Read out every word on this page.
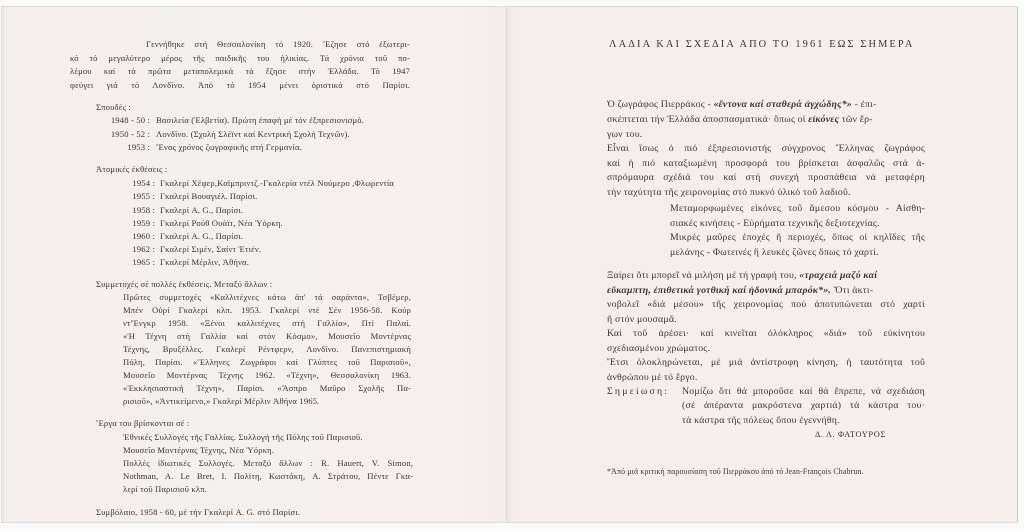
Γεννήθηκε στή Θεσσαλονίκη τό 1920. Ἔζησε στό ἐξωτερι-
κό τό μεγαλύτερο μέρος τῆς παιδικῆς του ἡλικίας. Τά χρόνια τοῦ πο-
λέμου καί τά πρῶτα μεταπολεμικά τά ἔζησε στήν Ἑλλάδα. Τό 1947
φεύγει γιά τό Λονδῖνο. Ἀπό τό 1954 μένει ὁριστικά στό Παρίσι.
Σπουδές :
1948 - 50 : Βασιλεία (Ἑλβετία). Πρώτη ἐπαφή μέ τόν ἐξπρεσιονισμό.
1950 - 52 : Λονδῖνο. (Σχολή Σλέϊντ καί Κεντρική Σχολή Τεχνῶν).
1953 : Ἕνας χρόνος ζωγραφικῆς στή Γερμανία.
Ἀτομικές ἐκθέσεις :
1954 : Γκαλερί Χέφερ,Καϊμπριντζ.-Γκαλερία ντέλ Νούμερο ,Φλωρεντία
1955 : Γκαλερί Βουαγιέλ. Παρίσι.
1958 : Γκαλερί A. G., Παρίσι.
1959 : Γκαλερί Ρούθ Ουάϊτ, Νέα Ὑόρκη.
1960 : Γκαλερί A. G., Παρίσι.
1962 : Γκαλερί Σιμέν, Σαίντ Ἐτιέν.
1965 : Γκαλερί Μέρλιν, Ἀθήνα.
Συμμετοχές σέ πολλές ἐκθέσεις. Μεταξύ ἄλλων :
Πρῶτες συμμετοχές «Καλλιτέχνες κάτω ἀπ' τά σαράντα», Τσβέμερ,
Μπέν Οὐρί Γκαλερί κλπ. 1953. Γκαλερί ντέ Σέν 1956-58. Κούρ
ντ'Ἐνγκρ 1958. «Ξένοι καλλιτέχνες στή Γαλλία», Πτί Παλαί.
«Ἡ Τέχνη στή Γαλλία καί στόν Κόσμο», Μουσεῖο Μοντέρνας
Τέχνης, Βρυξέλλες. Γκαλερί Ρέντφερν, Λονδῖνο. Πανεπιστημιακή
Πόλη, Παρίσι. «Ἕλληνες Ζωγράφοι καί Γλύπτες τοῦ Παρισιοῦ»,
Μουσεῖο Μοντέρνας Τέχνης 1962. «Τέχνη», Θεσσαλονίκη 1963.
«Ἐκκλησιαστική Τέχνη», Παρίσι. «Ἄσπρο Μαῦρο Σχολῆς Πα-
ρισιοῦ», «Ἀντικείμενο,» Γκαλερί Μέρλιν Ἀθήνα 1965.
Ἔργα του βρίσκονται σέ :
Ἐθνικές Συλλογές τῆς Γαλλίας. Συλλογή τῆς Πόλης τοῦ Παρισιοῦ.
Μουσεῖο Μοντέρνας Τέχνης, Νέα Ὑόρκη.
Πολλές ἰδιωτικές Συλλογές. Μεταξύ ἄλλων : R. Hauert, V. Simon,
Nothman, A. Le Bret, I. Πολίτη, Κωστάκη, A. Στράτου, Πέντε Γκα-
λερί τοῦ Παρισιοῦ κλπ.
Συμβόλαιο, 1958 - 60, μέ τήν Γκαλερί A. G. στό Παρίσι.
ΛΑΔΙΑ ΚΑΙ ΣΧΕΔΙΑ ΑΠΟ ΤΟ 1961 ΕΩΣ ΣΗΜΕΡΑ
Ὁ ζωγράφος Πιερράκος - «ἔντονα καί σταθερά ἀγχώδης*» - ἐπι-
σκέπτεται τήν Ἑλλάδα ἀποσπασματικά· ὅπως οἱ εἰκόνες τῶν ἔρ-
γων του.
Εἶναι ἴσως ὁ πιό ἐξπρεσιονιστής σύγχρονος Ἕλληνας ζωγράφος
καί ἡ πιό καταξιωμένη προσφορά του βρίσκεται ἀσφαλῶς στά ἀ-
σπρόμαυρα σχέδιά του καί στή συνεχή προσπάθεια νά μεταφέρη
τήν ταχύτητα τῆς χειρονομίας στό πυκνό ὑλικό τοῦ λαδιοῦ.
Μεταμορφωμένες εἰκόνες τοῦ ἄμεσου κόσμου - Αἰσθη-
σιακές κινήσεις - Εὐρήματα τεχνικῆς δεξιοτεχνίας.
Μικρές μαῦρες ἐποχές ἤ περιοχές, ὅπως οἱ κηλῖδες τῆς
μελάνης - Φωτεινές ἤ λευκές ζῶνες ὅπως τό χαρτί.
Ξαίρει ὅτι μπορεῖ νά μιλήση μέ τή γραφή του, «τραχειά μαζύ καί
εὔκαμπτη, ἐπιθετικά γοτθική καί ἡδονικά μπαρόκ*». Ὅτι ἀκτι-
νοβολεῖ «διά μέσου» τῆς χειρονομίας πού ἀποτυπώνεται στό χαρτί
ἤ στόν μουσαμᾶ.
Καί τοῦ ἀρέσει· καί κινεῖται ὁλόκληρος «διά» τοῦ εὐκίνητου
σχεδιασμένου χρώματος.
Ἔτσι ὁλοκληρώνεται, μέ μιά ἀντίστροφη κίνηση, ἡ ταυτότητα τοῦ
ἀνθρώπου μέ τό ἔργο.
Σημείωση: Νομίζω ὅτι θά μποροῦσε καί θά ἔπρεπε, νά σχεδιάση
(σέ ἀπέραντα μακρόστενα χαρτιά) τά κάστρα του·
τά κάστρα τῆς πόλεως ὅπου ἐγεννήθη.
Δ. Α. ΦΑΤΟΥΡΟΣ
*Ἀπό μιά κριτική παρουσίαση τοῦ Πιερράκου ἀπό τό Jean-François Chabrun.
